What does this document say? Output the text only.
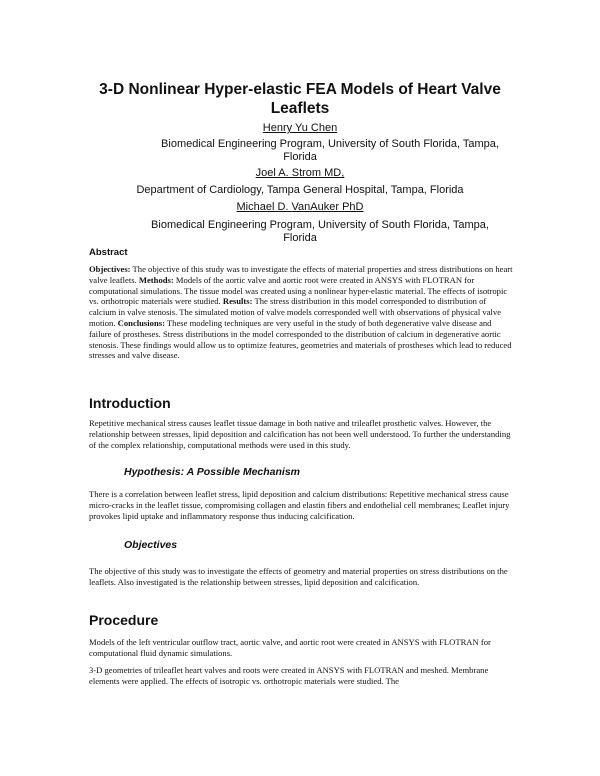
3-D Nonlinear Hyper-elastic FEA Models of Heart Valve Leaflets
Henry Yu Chen
Biomedical Engineering Program, University of South Florida, Tampa,
Florida
Joel A. Strom MD,
Department of Cardiology, Tampa General Hospital, Tampa, Florida
Michael D. VanAuker PhD
Biomedical Engineering Program, University of South Florida, Tampa,
Florida
Abstract
Objectives: The objective of this study was to investigate the effects of material properties and stress distributions on heart valve leaflets. Methods: Models of the aortic valve and aortic root were created in ANSYS with FLOTRAN for computational simulations. The tissue model was created using a nonlinear hyper-elastic material. The effects of isotropic vs. orthotropic materials were studied. Results: The stress distribution in this model corresponded to distribution of calcium in valve stenosis. The simulated motion of valve models corresponded well with observations of physical valve motion. Conclusions: These modeling techniques are very useful in the study of both degenerative valve disease and failure of prostheses. Stress distributions in the model corresponded to the distribution of calcium in degenerative aortic stenosis. These findings would allow us to optimize features, geometries and materials of prostheses which lead to reduced stresses and valve disease.
Introduction
Repetitive mechanical stress causes leaflet tissue damage in both native and trileaflet prosthetic valves. However, the relationship between stresses, lipid deposition and calcification has not been well understood. To further the understanding of the complex relationship, computational methods were used in this study.
Hypothesis: A Possible Mechanism
There is a correlation between leaflet stress, lipid deposition and calcium distributions: Repetitive mechanical stress cause micro-cracks in the leaflet tissue, compromising collagen and elastin fibers and endothelial cell membranes; Leaflet injury provokes lipid uptake and inflammatory response thus inducing calcification.
Objectives
The objective of this study was to investigate the effects of geometry and material properties on stress distributions on the leaflets. Also investigated is the relationship between stresses, lipid deposition and calcification.
Procedure
Models of the left ventricular outflow tract, aortic valve, and aortic root were created in ANSYS with FLOTRAN for computational fluid dynamic simulations.
3-D geometries of trileaflet heart valves and roots were created in ANSYS with FLOTRAN and meshed. Membrane elements were applied. The effects of isotropic vs. orthotropic materials were studied. The
